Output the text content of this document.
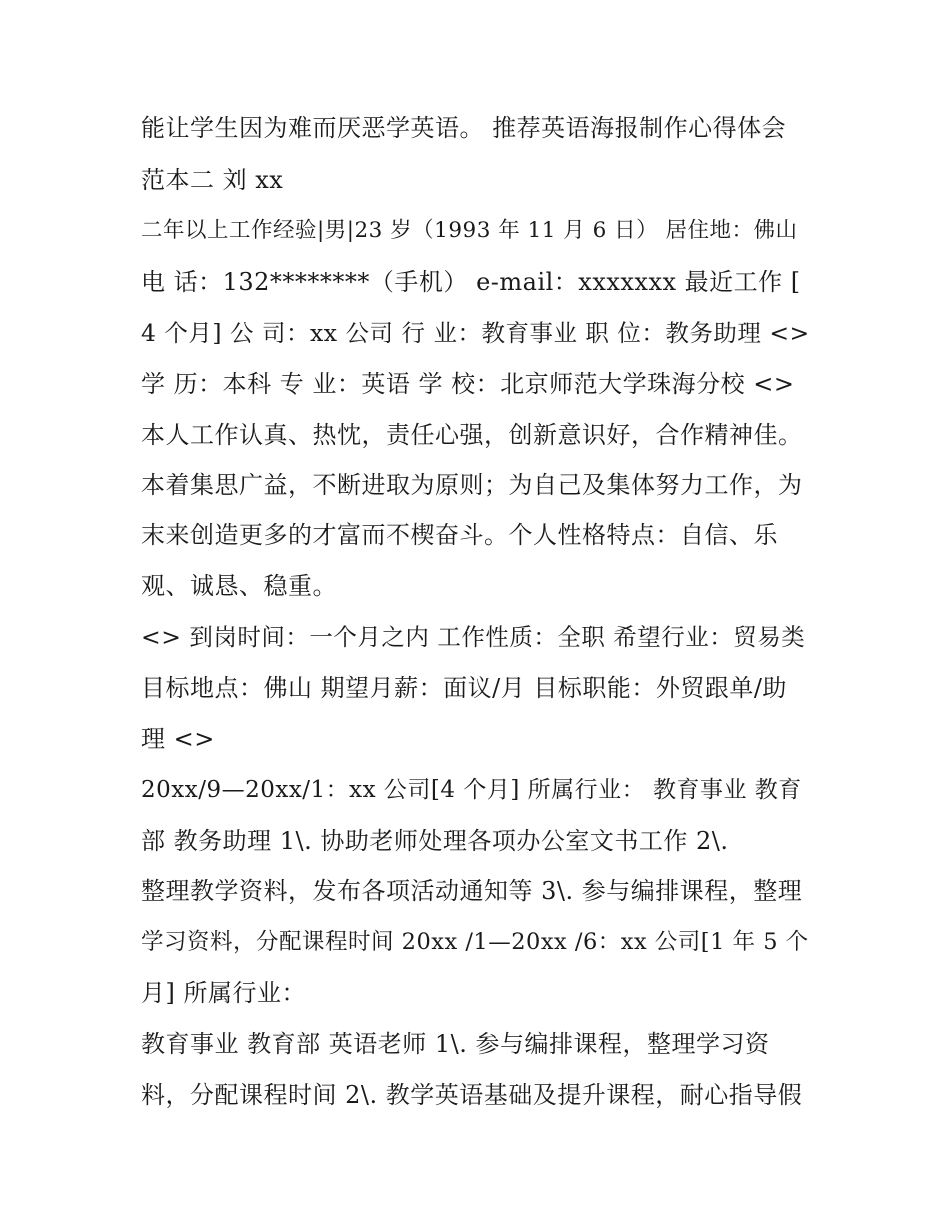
能让学生因为难而厌恶学英语。 推荐英语海报制作心得体会

范本二 刘 xx

二年以上工作经验|男|23 岁（1993 年 11 月 6 日） 居住地：佛山

电 话：132********（手机） e-mail：xxxxxxx 最近工作 [

4 个月] 公 司：xx 公司 行 业：教育事业 职 位：教务助理 <>

学 历：本科 专 业：英语 学 校：北京师范大学珠海分校 <>

本人工作认真、热忱，责任心强，创新意识好，合作精神佳。

本着集思广益，不断进取为原则；为自己及集体努力工作，为

末来创造更多的才富而不楔奋斗。个人性格特点：自信、乐

观、诚恳、稳重。

<> 到岗时间：一个月之内 工作性质：全职 希望行业：贸易类

目标地点：佛山 期望月薪：面议/月 目标职能：外贸跟单/助

理 <>

20xx/9—20xx/1：xx 公司[4 个月] 所属行业： 教育事业 教育

部 教务助理 1\. 协助老师处理各项办公室文书工作 2\.

整理教学资料，发布各项活动通知等 3\. 参与编排课程，整理

学习资料，分配课程时间 20xx /1—20xx /6：xx 公司[1 年 5 个

月] 所属行业：

教育事业 教育部 英语老师 1\. 参与编排课程，整理学习资

料，分配课程时间 2\. 教学英语基础及提升课程，耐心指导假
